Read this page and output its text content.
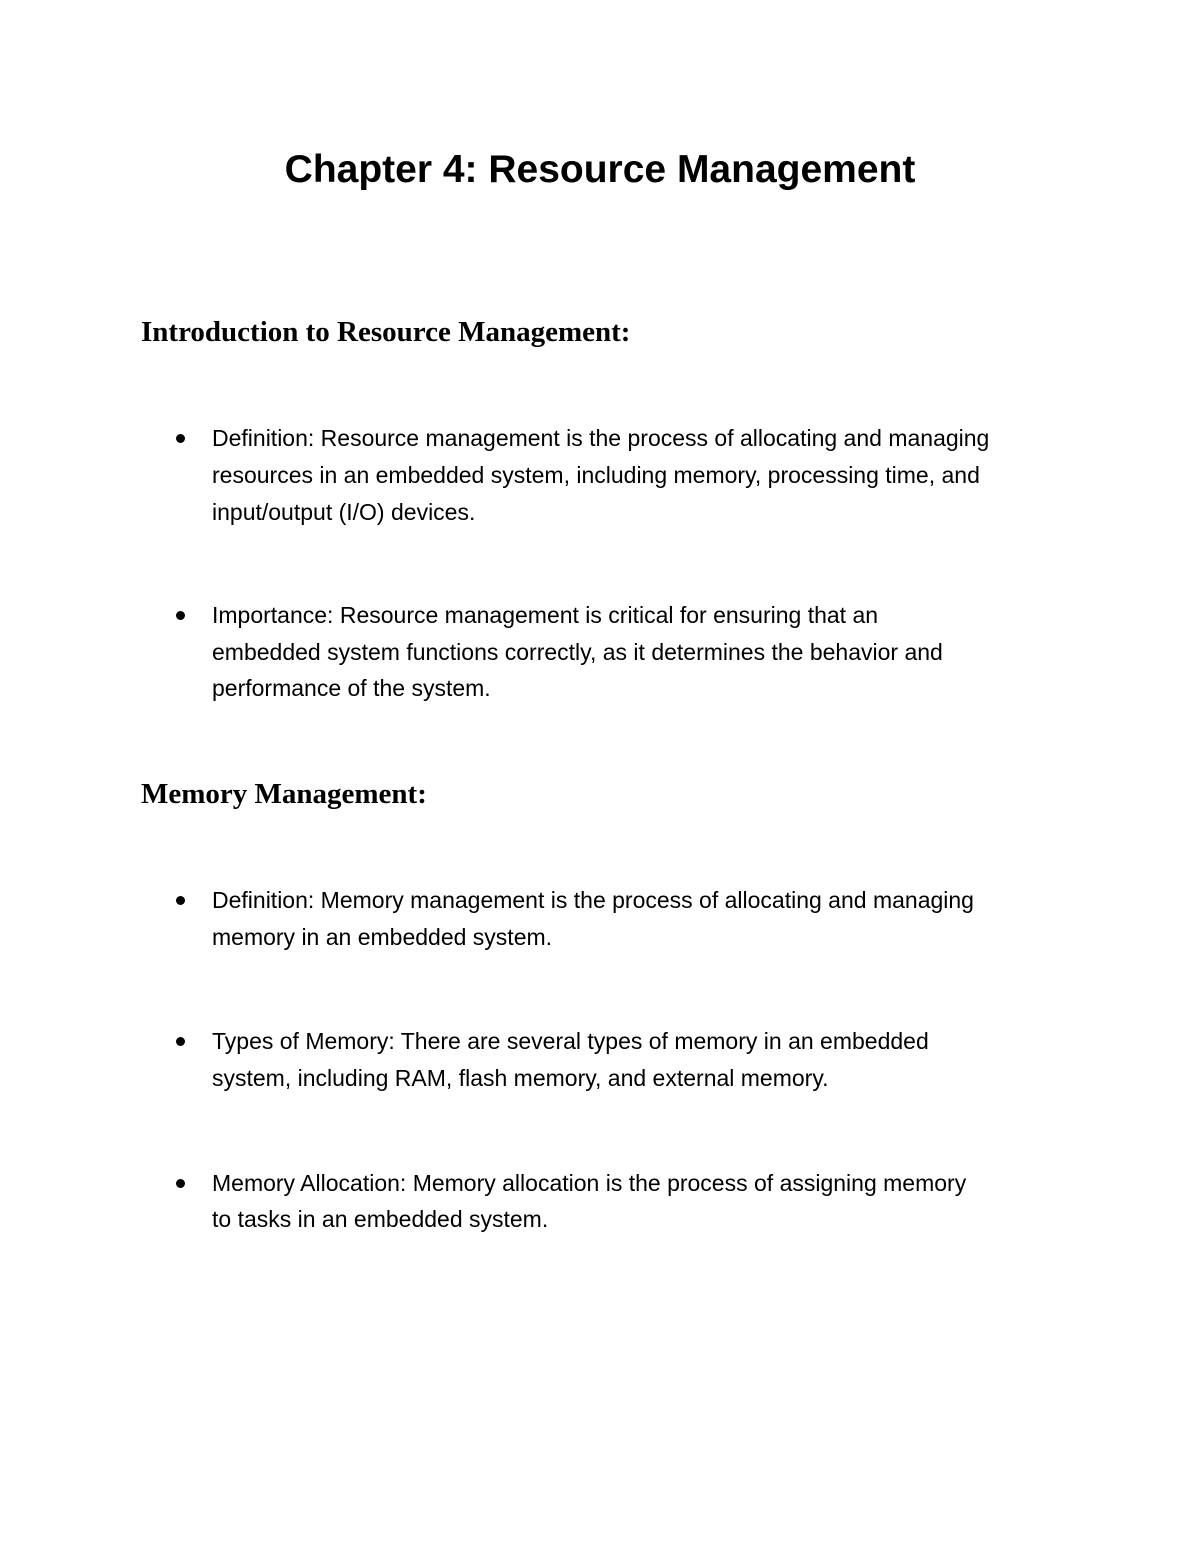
Chapter 4: Resource Management
Introduction to Resource Management:
Definition: Resource management is the process of allocating and managing
resources in an embedded system, including memory, processing time, and
input/output (I/O) devices.
Importance: Resource management is critical for ensuring that an
embedded system functions correctly, as it determines the behavior and
performance of the system.
Memory Management:
Definition: Memory management is the process of allocating and managing
memory in an embedded system.
Types of Memory: There are several types of memory in an embedded
system, including RAM, flash memory, and external memory.
Memory Allocation: Memory allocation is the process of assigning memory
to tasks in an embedded system.
